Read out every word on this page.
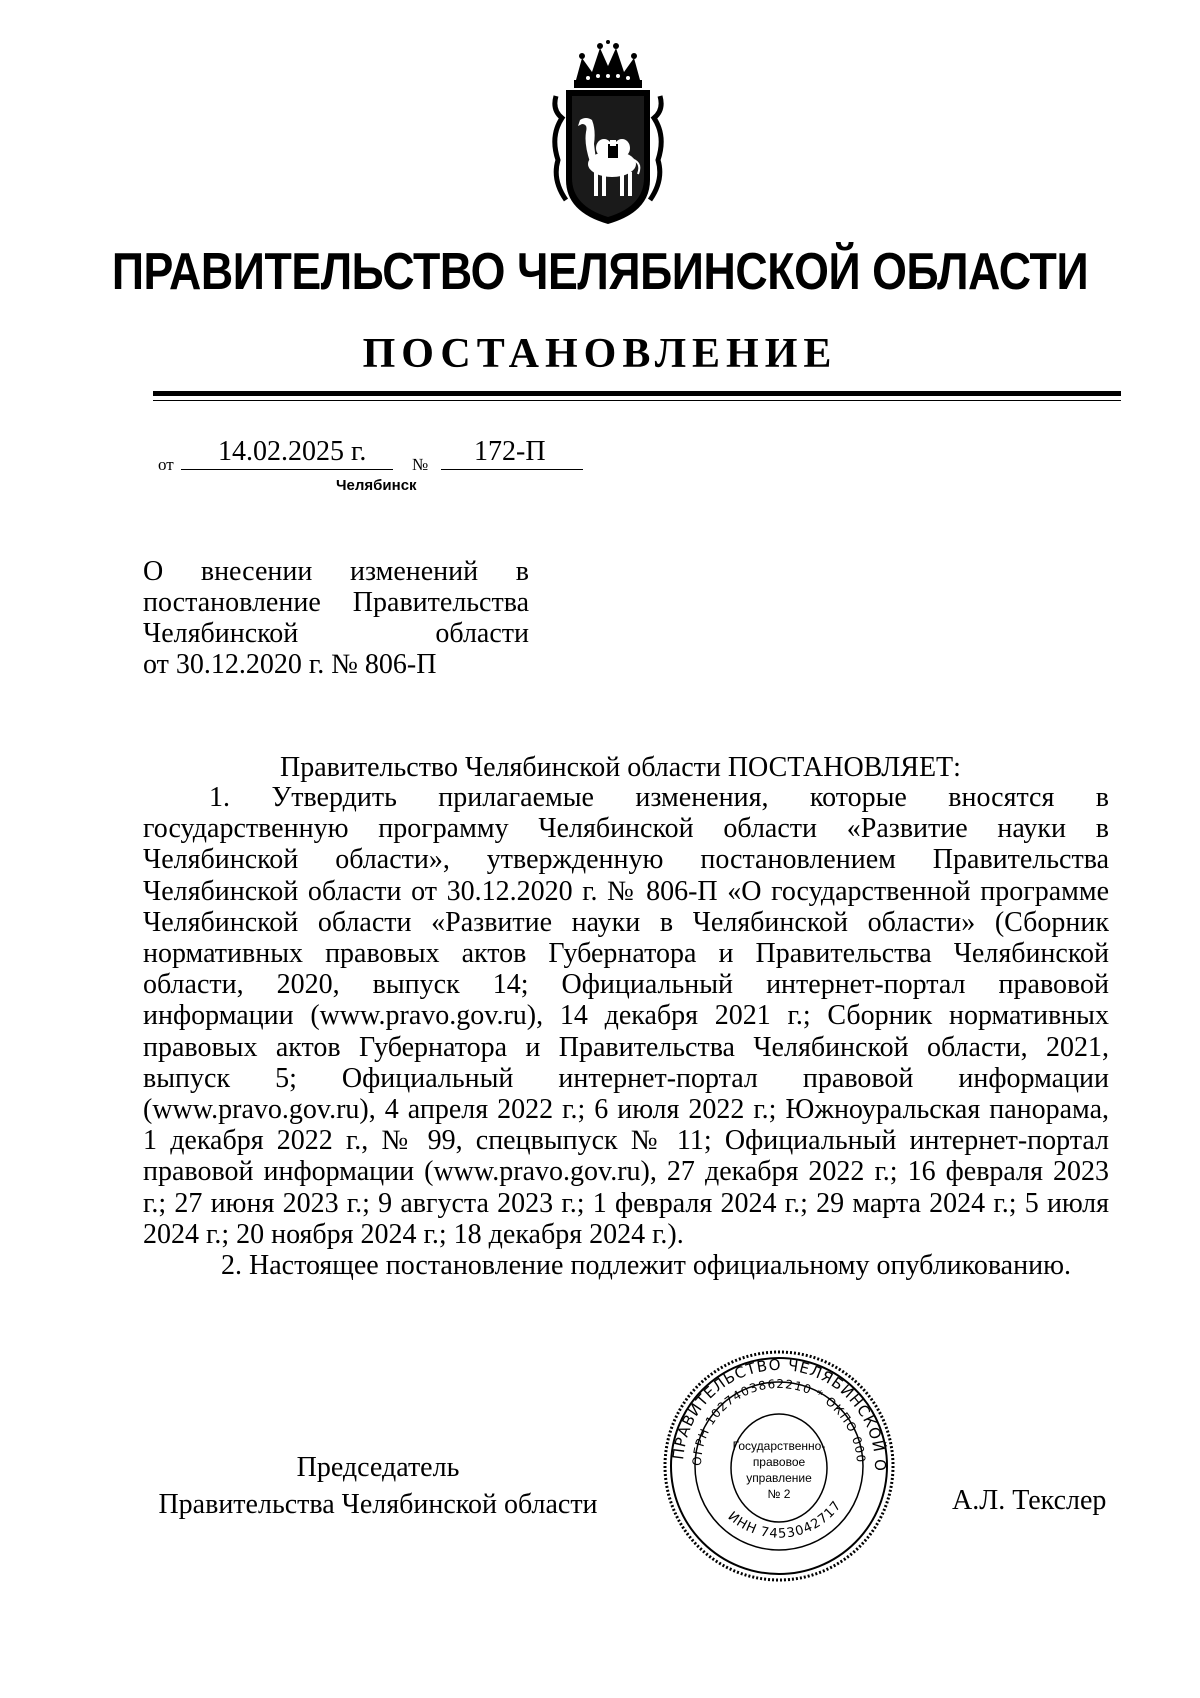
ПРАВИТЕЛЬСТВО ЧЕЛЯБИНСКОЙ ОБЛАСТИ
ПОСТАНОВЛЕНИЕ
от 14.02.2025 г.	№ 172-П
Челябинск
О внесении изменений в
постановление Правительства
Челябинской области
от 30.12.2020 г. № 806-П
Правительство Челябинской области ПОСТАНОВЛЯЕТ:
1. Утвердить прилагаемые изменения, которые вносятся в государственную программу Челябинской области «Развитие науки в Челябинской области», утвержденную постановлением Правительства Челябинской области от 30.12.2020 г. № 806-П «О государственной программе Челябинской области «Развитие науки в Челябинской области» (Сборник нормативных правовых актов Губернатора и Правительства Челябинской области, 2020, выпуск 14; Официальный интернет-портал правовой информации (www.pravo.gov.ru), 14 декабря 2021 г.; Сборник нормативных правовых актов Губернатора и Правительства Челябинской области, 2021, выпуск 5; Официальный интернет-портал правовой информации (www.pravo.gov.ru), 4 апреля 2022 г.; 6 июля 2022 г.; Южноуральская панорама, 1 декабря 2022 г., № 99, спецвыпуск № 11; Официальный интернет-портал правовой информации (www.pravo.gov.ru), 27 декабря 2022 г.; 16 февраля 2023 г.; 27 июня 2023 г.; 9 августа 2023 г.; 1 февраля 2024 г.; 29 марта 2024 г.; 5 июля 2024 г.; 20 ноября 2024 г.; 18 декабря 2024 г.).
2. Настоящее постановление подлежит официальному опубликованию.
Председатель
Правительства Челябинской области	А.Л. Текслер
ПРАВИТЕЛЬСТВО ЧЕЛЯБИНСКОЙ О
ОГРН 1027403862210 * ОКПО 000
ИНН 7453042717
Государственно-
правовое
управление
№ 2
